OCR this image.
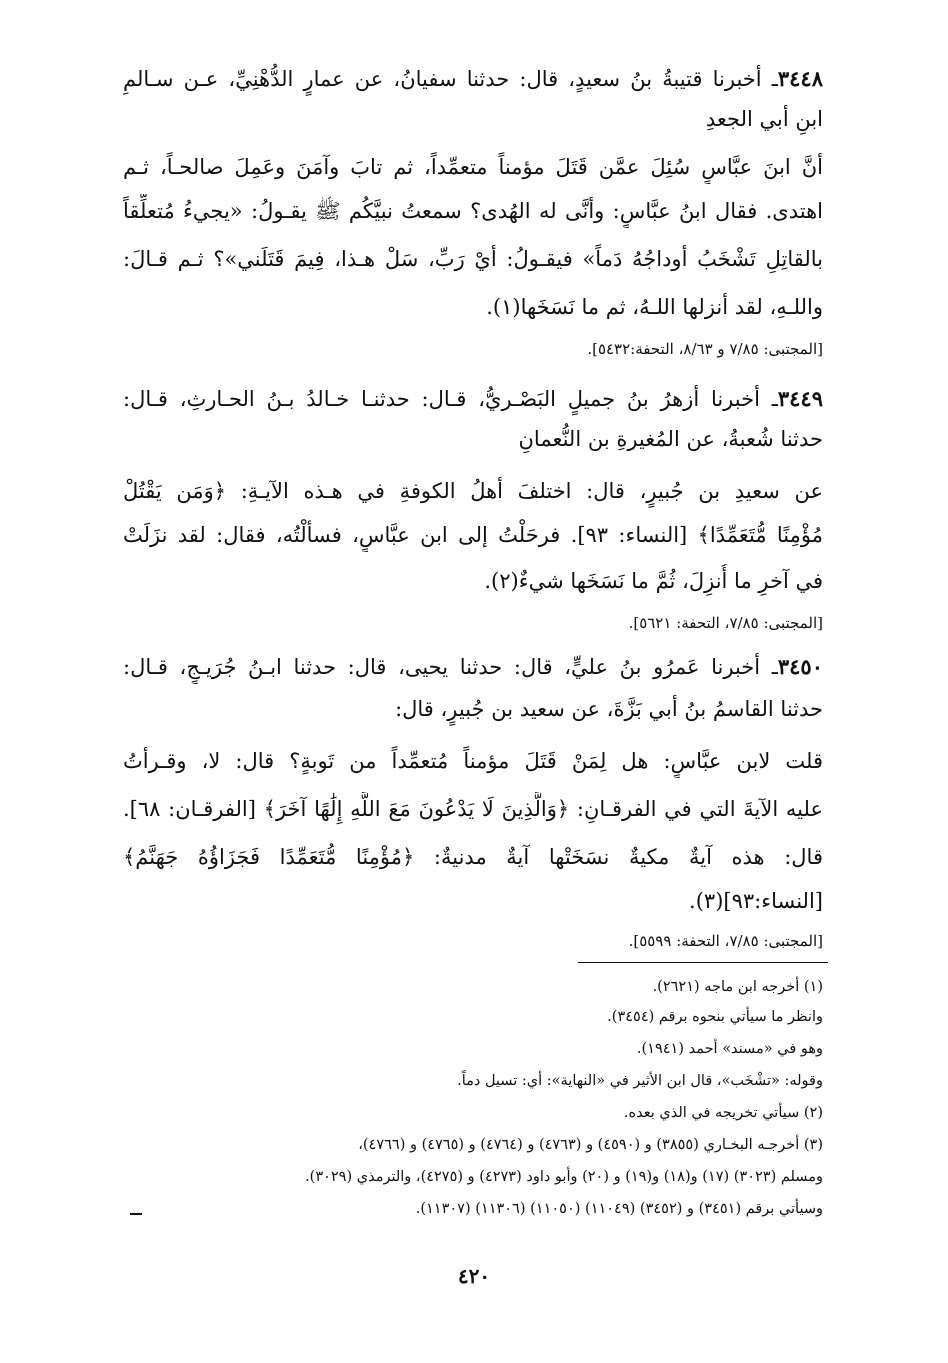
٣٤٤٨ـ أخبرنا قتيبةُ بنُ سعيدٍ، قال: حدثنا سفيانُ، عن عمارٍ الدُّهْنِيِّ، عـن سـالمِ
ابنِ أبي الجعدِ
أنَّ ابنَ عبَّاسٍ سُئِلَ عمَّن قَتَلَ مؤمناً متعمِّداً، ثم تابَ وآمَنَ وعَمِلَ صالحـاً، ثـم
اهتدى. فقال ابنُ عبَّاسٍ: وأنَّى له الهُدى؟ سمعتُ نبيَّكُم ﷺ يقـولُ: «يجيءُ مُتعلِّقاً
بالقاتِلِ تَشْخَبُ أوداجُهُ دَماً» فيقـولُ: أيْ رَبِّ، سَلْ هـذا، فِيمَ قَتَلَني»؟ ثـم قـالَ:
واللـهِ، لقد أنزلها اللـهُ، ثم ما نَسَخَها(١).
[المجتبى: ٧/٨٥ و ٨/٦٣، التحفة:٥٤٣٢].
٣٤٤٩ـ أخبرنا أزهرُ بنُ جميلٍ البَصْـريُّ، قـال: حدثنـا خـالدُ بـنُ الحـارثِ، قـال:
حدثنا شُعبةُ، عن المُغيرةِ بن النُّعمانِ
عن سعيدِ بن جُبيرٍ، قال: اختلفَ أهلُ الكوفةِ في هـذه الآيـةِ: ﴿وَمَن يَقْتُلْ
مُؤْمِنًا مُّتَعَمِّدًا﴾ [النساء: ٩٣]. فرحَلْتُ إلى ابن عبَّاسٍ، فسألْتُه، فقال: لقد نزَلَتْ
في آخرِ ما أُنزِلَ، ثُمَّ ما نَسَخَها شيءٌ(٢).
[المجتبى: ٧/٨٥، التحفة: ٥٦٢١].
٣٤٥٠ـ أخبرنا عَمرُو بنُ عليٍّ، قال: حدثنا يحيى، قال: حدثنا ابـنُ جُرَيـجٍ، قـال:
حدثنا القاسمُ بنُ أبي بَزَّةَ، عن سعيد بن جُبيرٍ، قال:
قلت لابن عبَّاسٍ: هل لِمَنْ قَتَلَ مؤمناً مُتعمِّداً من تَوبةٍ؟ قال: لا، وقـرأتُ
عليه الآيةَ التي في الفرقـانِ: ﴿وَالَّذِينَ لَا يَدْعُونَ مَعَ اللَّهِ إِلَٰهًا آخَرَ﴾ [الفرقـان: ٦٨].
قال: هذه آيةٌ مكيةٌ نسَخَتْها آيةٌ مدنيةٌ: ﴿مُؤْمِنًا مُّتَعَمِّدًا فَجَزَاؤُهُ جَهَنَّمُ﴾
[النساء:٩٣](٣).
[المجتبى: ٧/٨٥، التحفة: ٥٥٩٩].
(١) أخرجه ابن ماجه (٢٦٢١).
وانظر ما سيأتي بنحوه برقم (٣٤٥٤).
وهو في «مسند» أحمد (١٩٤١).
وقوله: «تشْخَب»، قال ابن الأثير في «النهاية»: أي: تسيل دماً.
(٢) سيأتي تخريجه في الذي بعده.
(٣) أخرجـه البخـاري (٣٨٥٥) و (٤٥٩٠) و (٤٧٦٣) و (٤٧٦٤) و (٤٧٦٥) و (٤٧٦٦)،
ومسلم (٣٠٢٣) (١٧) و(١٨) و(١٩) و (٢٠) وأبو داود (٤٢٧٣) و (٤٢٧٥)، والترمذي (٣٠٢٩).
وسيأتي برقم (٣٤٥١) و (٣٤٥٢) (١١٠٤٩) (١١٠٥٠) (١١٣٠٦) (١١٣٠٧).
٤٢٠
